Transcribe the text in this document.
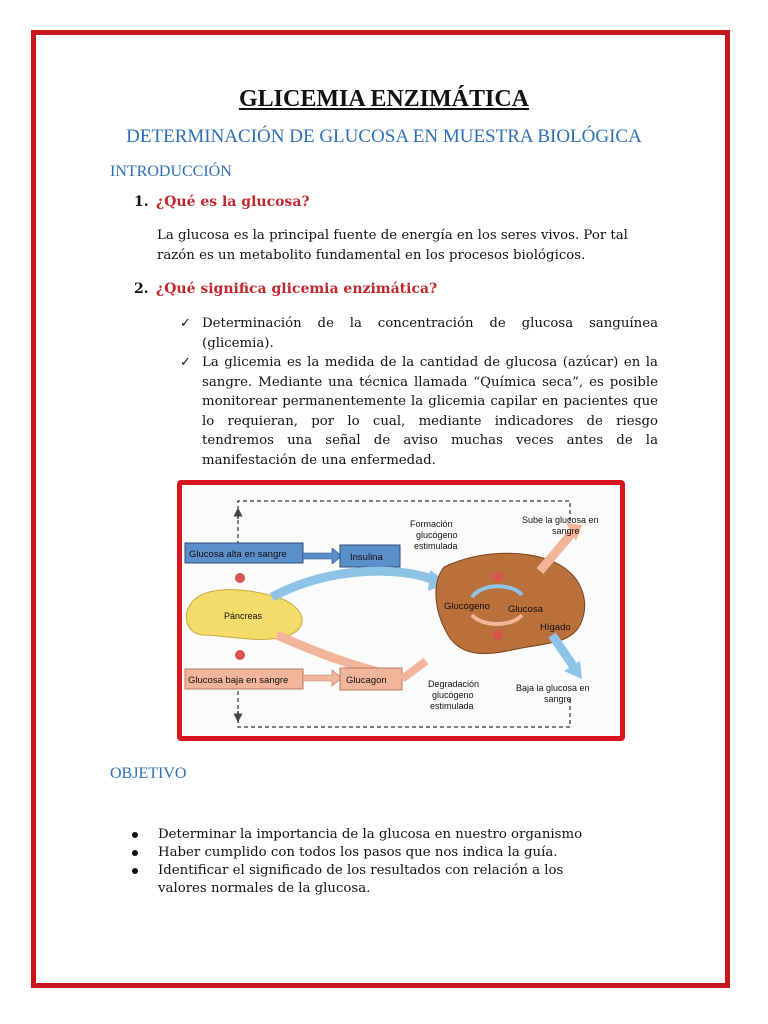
GLICEMIA ENZIMÁTICA
DETERMINACIÓN DE GLUCOSA EN MUESTRA BIOLÓGICA
INTRODUCCIÓN
1. ¿Qué es la glucosa?
La glucosa es la principal fuente de energía en los seres vivos. Por tal razón es un metabolito fundamental en los procesos biológicos.
2. ¿Qué significa glicemia enzimática?
✓ Determinación de la concentración de glucosa sanguínea (glicemia).
✓ La glicemia es la medida de la cantidad de glucosa (azúcar) en la sangre. Mediante una técnica llamada “Química seca”, es posible monitorear permanentemente la glicemia capilar en pacientes que lo requieran, por lo cual, mediante indicadores de riesgo tendremos una señal de aviso muchas veces antes de la manifestación de una enfermedad.
Glucosa alta en sangre	Insulina
Páncreas
Glucosa baja en sangre	Glucagon
Glucógeno Glucosa
Hígado
Formación
glucógeno
estimulada
Sube la glucosa en
sangre
Degradación
glucógeno
estimulada
Baja la glucosa en
sangre
OBJETIVO
Determinar la importancia de la glucosa en nuestro organismo
Haber cumplido con todos los pasos que nos indica la guía.
Identificar el significado de los resultados con relación a los valores normales de la glucosa.
